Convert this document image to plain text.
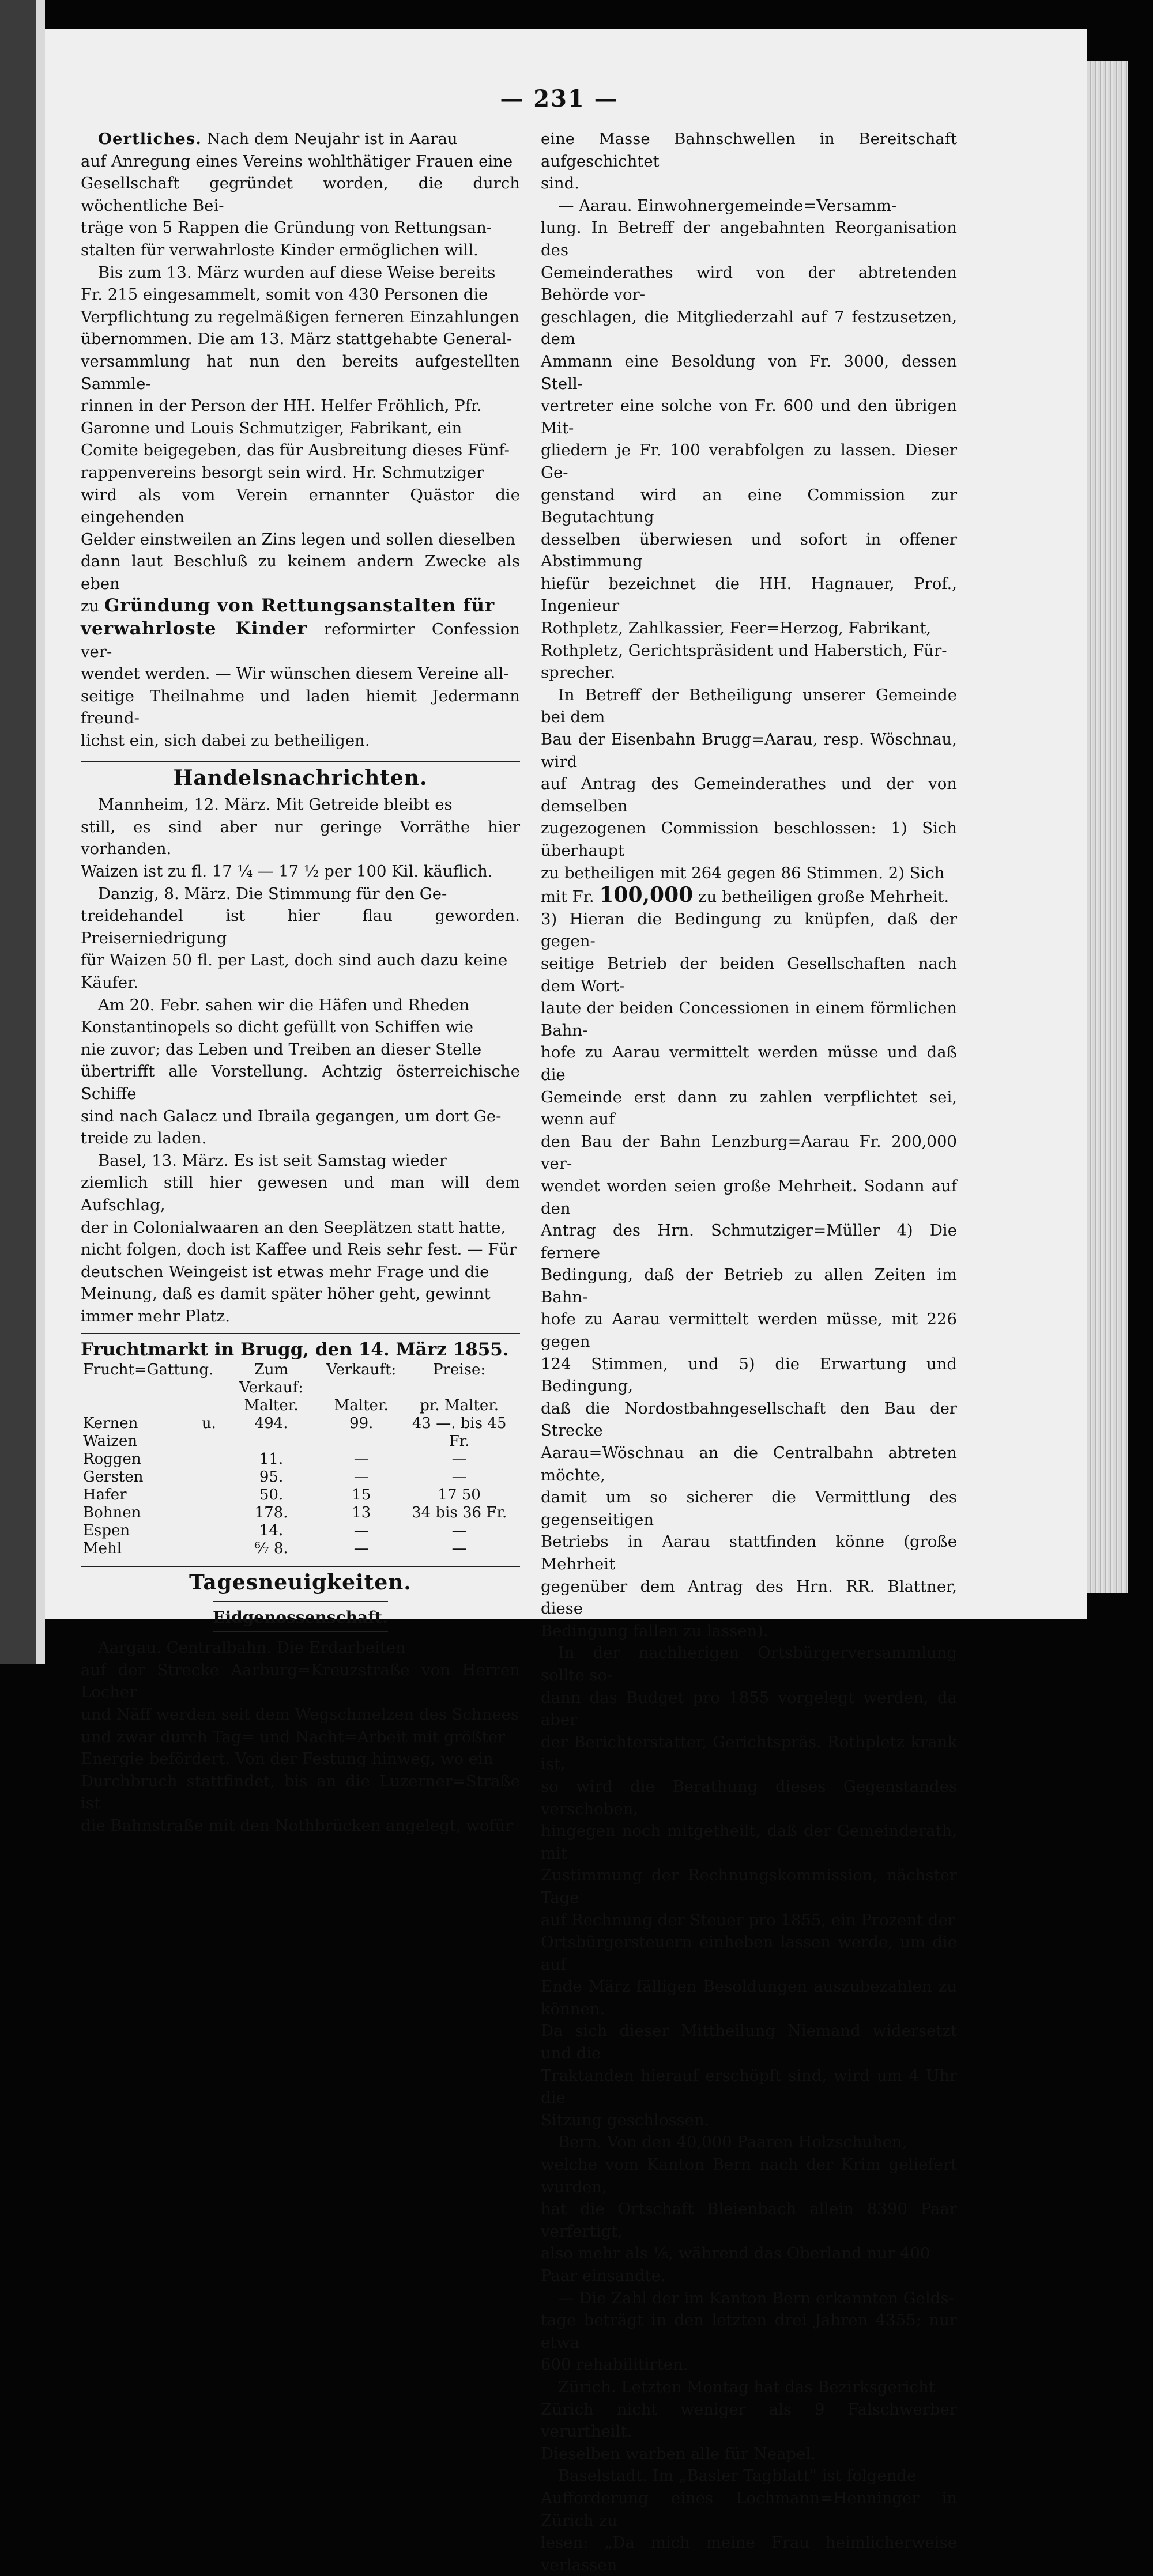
— 231 —

Oertliches. Nach dem Neujahr ist in Aarau

auf Anregung eines Vereins wohlthätiger Frauen eine

Gesellschaft gegründet worden, die durch wöchentliche Bei-

träge von 5 Rappen die Gründung von Rettungsan-

stalten für verwahrloste Kinder ermöglichen will.

Bis zum 13. März wurden auf diese Weise bereits

Fr. 215 eingesammelt, somit von 430 Personen die

Verpflichtung zu regelmäßigen ferneren Einzahlungen

übernommen. Die am 13. März stattgehabte General-

versammlung hat nun den bereits aufgestellten Sammle-

rinnen in der Person der HH. Helfer Fröhlich, Pfr.

Garonne und Louis Schmutziger, Fabrikant, ein

Comite beigegeben, das für Ausbreitung dieses Fünf-

rappenvereins besorgt sein wird. Hr. Schmutziger

wird als vom Verein ernannter Quästor die eingehenden

Gelder einstweilen an Zins legen und sollen dieselben

dann laut Beschluß zu keinem andern Zwecke als eben

zu Gründung von Rettungsanstalten für

verwahrloste Kinder reformirter Confession ver-

wendet werden. — Wir wünschen diesem Vereine all-

seitige Theilnahme und laden hiemit Jedermann freund-

lichst ein, sich dabei zu betheiligen.

Handelsnachrichten.

Mannheim, 12. März. Mit Getreide bleibt es

still, es sind aber nur geringe Vorräthe hier vorhanden.

Waizen ist zu fl. 17 ¼ — 17 ½ per 100 Kil. käuflich.

Danzig, 8. März. Die Stimmung für den Ge-

treidehandel ist hier flau geworden. Preiserniedrigung

für Waizen 50 fl. per Last, doch sind auch dazu keine

Käufer.

Am 20. Febr. sahen wir die Häfen und Rheden

Konstantinopels so dicht gefüllt von Schiffen wie

nie zuvor; das Leben und Treiben an dieser Stelle

übertrifft alle Vorstellung. Achtzig österreichische Schiffe

sind nach Galacz und Ibraila gegangen, um dort Ge-

treide zu laden.

Basel, 13. März. Es ist seit Samstag wieder

ziemlich still hier gewesen und man will dem Aufschlag,

der in Colonialwaaren an den Seeplätzen statt hatte,

nicht folgen, doch ist Kaffee und Reis sehr fest. — Für

deutschen Weingeist ist etwas mehr Frage und die

Meinung, daß es damit später höher geht, gewinnt

immer mehr Platz.

Fruchtmarkt in Brugg, den 14. März 1855.
Frucht=Gattung.	Zum Verkauf:	Verkauft:	Preise:
	Malter.	Malter.	pr. Malter.
Kernen u. Waizen	494.	99.	43 —. bis 45 Fr.
Roggen	11.	—	—
Gersten	95.	—	—
Hafer	50.	15	17 50
Bohnen	178.	13	34 bis 36 Fr.
Espen	14.	—	—
Mehl	⁶⁄₇ 8.	—	—
Tagesneuigkeiten.
Eidgenossenschaft.

Aargau. Centralbahn. Die Erdarbeiten

auf der Strecke Aarburg=Kreuzstraße von Herren Locher

und Näff werden seit dem Wegschmelzen des Schnees

und zwar durch Tag= und Nacht=Arbeit mit größter

Energie befördert. Von der Festung hinweg, wo ein

Durchbruch stattfindet, bis an die Luzerner=Straße ist

die Bahnstraße mit den Nothbrücken angelegt, wofür

eine Masse Bahnschwellen in Bereitschaft aufgeschichtet

sind.

— Aarau. Einwohnergemeinde=Versamm-

lung. In Betreff der angebahnten Reorganisation des

Gemeinderathes wird von der abtretenden Behörde vor-

geschlagen, die Mitgliederzahl auf 7 festzusetzen, dem

Ammann eine Besoldung von Fr. 3000, dessen Stell-

vertreter eine solche von Fr. 600 und den übrigen Mit-

gliedern je Fr. 100 verabfolgen zu lassen. Dieser Ge-

genstand wird an eine Commission zur Begutachtung

desselben überwiesen und sofort in offener Abstimmung

hiefür bezeichnet die HH. Hagnauer, Prof., Ingenieur

Rothpletz, Zahlkassier, Feer=Herzog, Fabrikant,

Rothpletz, Gerichtspräsident und Haberstich, Für-

sprecher.

In Betreff der Betheiligung unserer Gemeinde bei dem

Bau der Eisenbahn Brugg=Aarau, resp. Wöschnau, wird

auf Antrag des Gemeinderathes und der von demselben

zugezogenen Commission beschlossen: 1) Sich überhaupt

zu betheiligen mit 264 gegen 86 Stimmen. 2) Sich

mit Fr. 100,000 zu betheiligen große Mehrheit.

3) Hieran die Bedingung zu knüpfen, daß der gegen-

seitige Betrieb der beiden Gesellschaften nach dem Wort-

laute der beiden Concessionen in einem förmlichen Bahn-

hofe zu Aarau vermittelt werden müsse und daß die

Gemeinde erst dann zu zahlen verpflichtet sei, wenn auf

den Bau der Bahn Lenzburg=Aarau Fr. 200,000 ver-

wendet worden seien große Mehrheit. Sodann auf den

Antrag des Hrn. Schmutziger=Müller 4) Die fernere

Bedingung, daß der Betrieb zu allen Zeiten im Bahn-

hofe zu Aarau vermittelt werden müsse, mit 226 gegen

124 Stimmen, und 5) die Erwartung und Bedingung,

daß die Nordostbahngesellschaft den Bau der Strecke

Aarau=Wöschnau an die Centralbahn abtreten möchte,

damit um so sicherer die Vermittlung des gegenseitigen

Betriebs in Aarau stattfinden könne (große Mehrheit

gegenüber dem Antrag des Hrn. RR. Blattner, diese

Bedingung fallen zu lassen).

In der nachherigen Ortsbürgerversammlung sollte so-

dann das Budget pro 1855 vorgelegt werden, da aber

der Berichterstatter, Gerichtspräs. Rothpletz krank ist,

so wird die Berathung dieses Gegenstandes verschoben,

hingegen noch mitgetheilt, daß der Gemeinderath, mit

Zustimmung der Rechnungskommission, nächster Tage

auf Rechnung der Steuer pro 1855, ein Prozent der

Ortsbürgersteuern einheben lassen werde, um die auf

Ende März fälligen Besoldungen auszubezahlen zu können.

Da sich dieser Mittheilung Niemand widersetzt und die

Traktanden hierauf erschöpft sind, wird um 4 Uhr die

Sitzung geschlossen.

Bern. Von den 40,000 Paaren Holzschuhen,

welche vom Kanton Bern nach der Krim geliefert wurden,

hat die Ortschaft Bleienbach allein 8390 Paar verfertigt,

also mehr als ⅕, während das Oberland nur 400

Paar einsandte.

— Die Zahl der im Kanton Bern erkannten Gelds-

tage beträgt in den letzten drei Jahren 4355; nur etwa

600 rehabilitirten.

Zürich. Letzten Montag hat das Bezirksgericht

Zürich nicht weniger als 9 Falschwerber verurtheilt.

Dieselben warben alle für Neapel.

Baselstadt. Im „Basler Tagblatt" ist folgende

Aufforderung eines Lochmann=Henninger in Zürich zu

lesen: „Da mich meine Frau heimlicherweise verlassen
